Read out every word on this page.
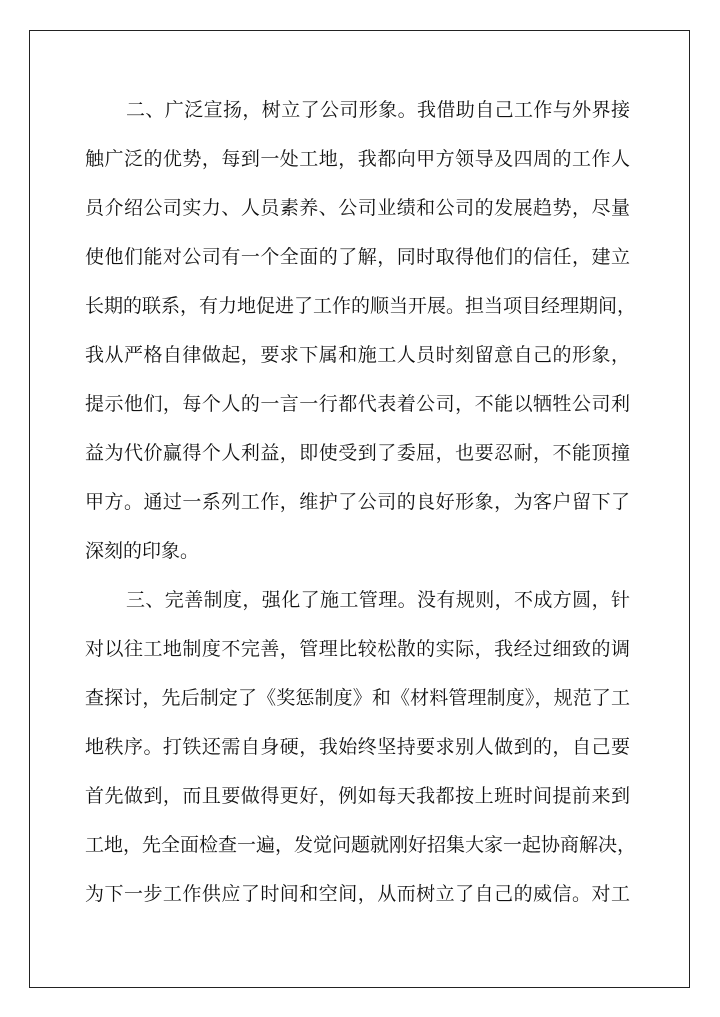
二、广泛宣扬，树立了公司形象。我借助自己工作与外界接
触广泛的优势，每到一处工地，我都向甲方领导及四周的工作人
员介绍公司实力、人员素养、公司业绩和公司的发展趋势，尽量
使他们能对公司有一个全面的了解，同时取得他们的信任，建立
长期的联系，有力地促进了工作的顺当开展。担当项目经理期间，
我从严格自律做起，要求下属和施工人员时刻留意自己的形象，
提示他们，每个人的一言一行都代表着公司，不能以牺牲公司利
益为代价赢得个人利益，即使受到了委屈，也要忍耐，不能顶撞
甲方。通过一系列工作，维护了公司的良好形象，为客户留下了
深刻的印象。
三、完善制度，强化了施工管理。没有规则，不成方圆，针
对以往工地制度不完善，管理比较松散的实际，我经过细致的调
查探讨，先后制定了《奖惩制度》和《材料管理制度》，规范了工
地秩序。打铁还需自身硬，我始终坚持要求别人做到的，自己要
首先做到，而且要做得更好，例如每天我都按上班时间提前来到
工地，先全面检查一遍，发觉问题就刚好招集大家一起协商解决，
为下一步工作供应了时间和空间，从而树立了自己的威信。对工
